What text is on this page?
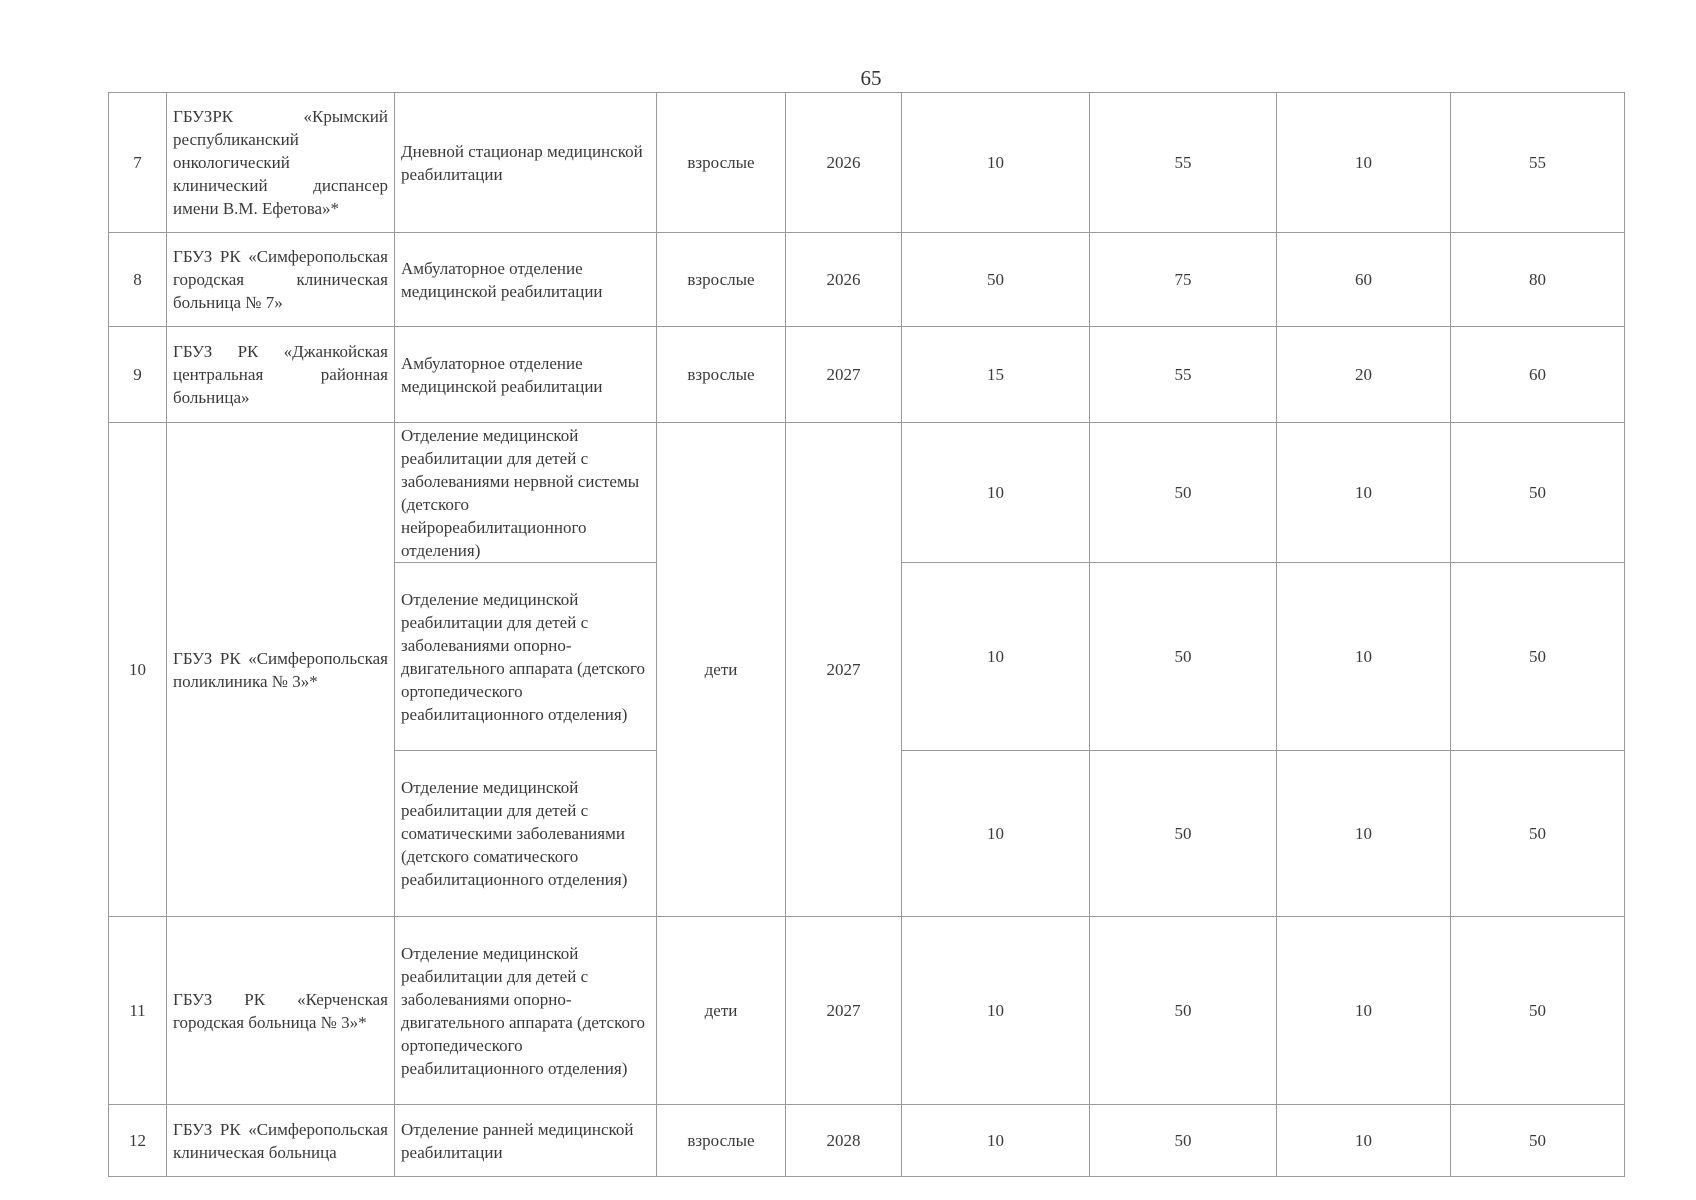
65
7	ГБУЗРК «Крымский республиканский онкологический клинический диспансер имени В.М. Ефетова»*	Дневной стационар медицинской реабилитации	взрослые	2026	10	55	10	55
8	ГБУЗ РК «Симферопольская городская клиническая больница № 7»	Амбулаторное отделение медицинской реабилитации	взрослые	2026	50	75	60	80
9	ГБУЗ РК «Джанкойская центральная районная больница»	Амбулаторное отделение медицинской реабилитации	взрослые	2027	15	55	20	60
10	ГБУЗ РК «Симферопольская поликлиника № 3»*	Отделение медицинской реабилитации для детей с заболеваниями нервной системы (детского нейрореабилитационного отделения)	дети	2027	10	50	10	50
		Отделение медицинской реабилитации для детей с заболеваниями опорно-двигательного аппарата (детского ортопедического реабилитационного отделения)			10	50	10	50
		Отделение медицинской реабилитации для детей с соматическими заболеваниями (детского соматического реабилитационного отделения)			10	50	10	50
11	ГБУЗ РК «Керченская городская больница № 3»*	Отделение медицинской реабилитации для детей с заболеваниями опорно-двигательного аппарата (детского ортопедического реабилитационного отделения)	дети	2027	10	50	10	50
12	ГБУЗ РК «Симферопольская клиническая больница	Отделение ранней медицинской реабилитации	взрослые	2028	10	50	10	50
